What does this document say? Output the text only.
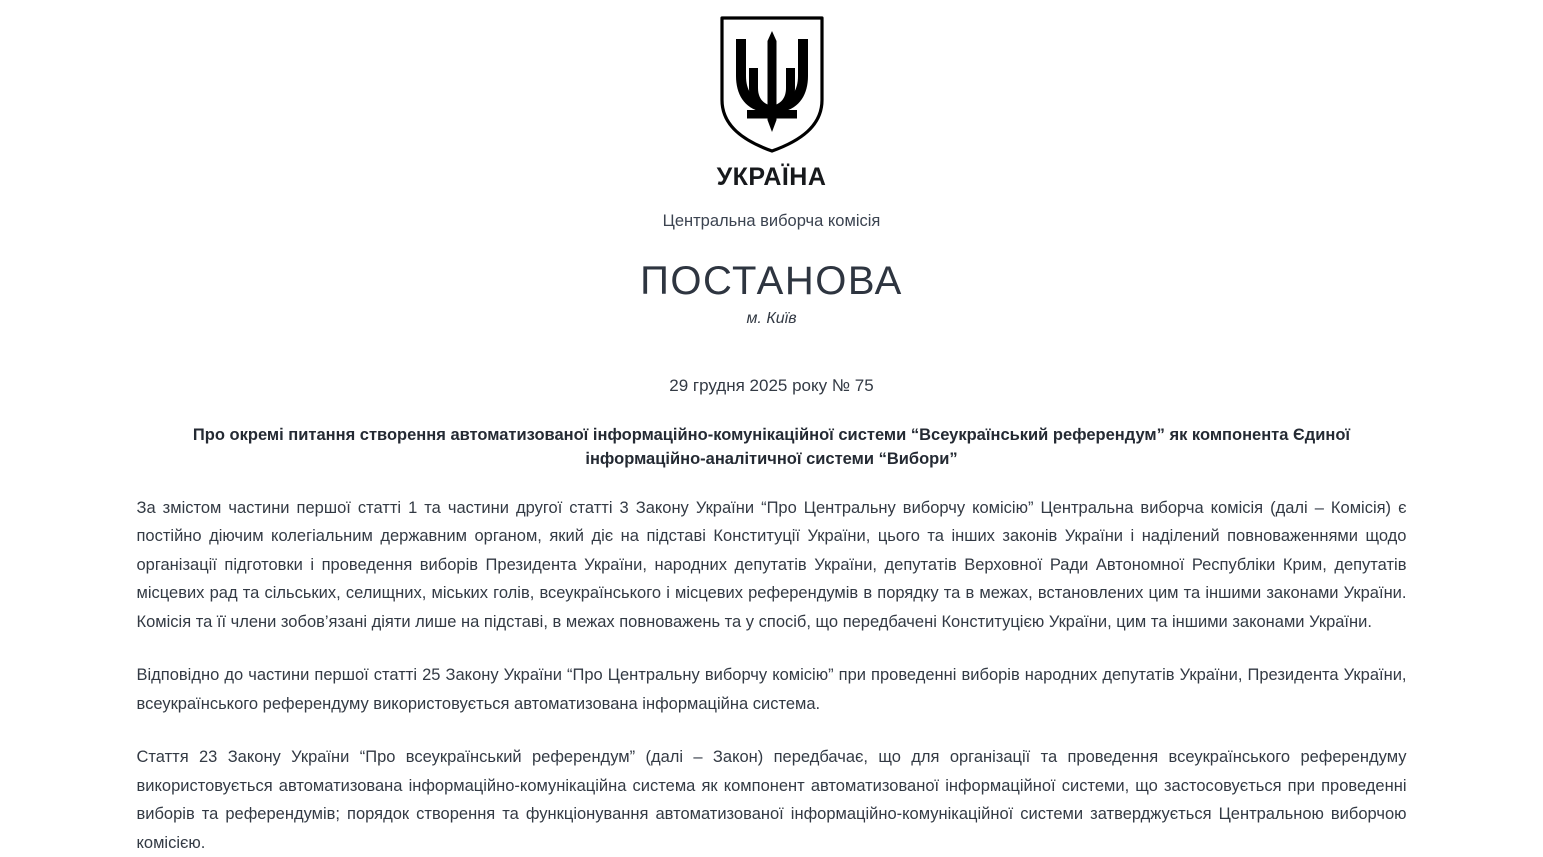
УКРАЇНА
Центральна виборча комісія
ПОСТАНОВА
м. Київ
29 грудня 2025 року № 75
Про окремі питання створення автоматизованої інформаційно-комунікаційної системи “Всеукраїнський референдум” як компонента Єдиної інформаційно-аналітичної системи “Вибори”

За змістом частини першої статті 1 та частини другої статті 3 Закону України “Про Центральну виборчу комісію” Центральна виборча комісія (далі – Комісія) є постійно діючим колегіальним державним органом, який діє на підставі Конституції України, цього та інших законів України і наділений повноваженнями щодо організації підготовки і проведення виборів Президента України, народних депутатів України, депутатів Верховної Ради Автономної Республіки Крим, депутатів місцевих рад та сільських, селищних, міських голів, всеукраїнського і місцевих референдумів в порядку та в межах, встановлених цим та іншими законами України. Комісія та її члени зобов’язані діяти лише на підставі, в межах повноважень та у спосіб, що передбачені Конституцією України, цим та іншими законами України.

Відповідно до частини першої статті 25 Закону України “Про Центральну виборчу комісію” при проведенні виборів народних депутатів України, Президента України, всеукраїнського референдуму використовується автоматизована інформаційна система.

Стаття 23 Закону України “Про всеукраїнський референдум” (далі – Закон) передбачає, що для організації та проведення всеукраїнського референдуму використовується автоматизована інформаційно-комунікаційна система як компонент автоматизованої інформаційної системи, що застосовується при проведенні виборів та референдумів; порядок створення та функціонування автоматизованої інформаційно-комунікаційної системи затверджується Центральною виборчою комісією.
